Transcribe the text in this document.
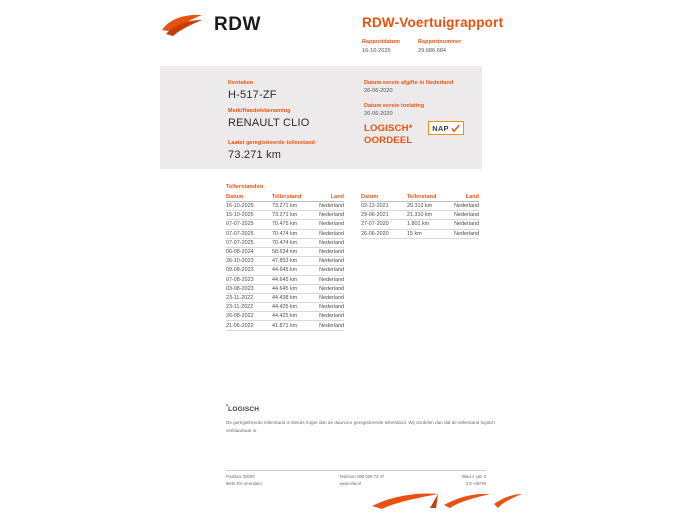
RDW	RDW-Voertuigrapport
Rapportdatum
16-10-2025
Rapportnummer
29.686.684
Kenteken
H-517-ZF
Merk/Handelsbenaming
RENAULT CLIO
Laatst geregistreerde tellerstand
73.271 km
Datum eerste afgifte in Nederland
26-06-2020
Datum eerste toelating
26-06-2020
LOGISCH*
OORDEEL
NAP
Tellerstanden
Datum	Tellerstand	Land
16-10-2025	73.271 km	Nederland
15-10-2025	73.271 km	Nederland
07-07-2025	70.475 km	Nederland
07-07-2025	70.474 km	Nederland
07-07-2025	70.474 km	Nederland
06-08-2024	58.634 km	Nederland
26-10-2023	47.853 km	Nederland
09-08-2023	44.645 km	Nederland
07-08-2023	44.645 km	Nederland
03-08-2023	44.645 km	Nederland
23-11-2022	44.438 km	Nederland
23-11-2022	44.425 km	Nederland
26-08-2022	44.425 km	Nederland
21-06-2022	41.871 km	Nederland
Datum	Tellerstand	Land
02-12-2021	29.312 km	Nederland
29-06-2021	21.310 km	Nederland
27-07-2020	1.801 km	Nederland
26-06-2020	15 km	Nederland
*LOGISCH
De geregistreerde tellerstand is steeds hoger dan de daarvoor geregistreerde tellerstand. Wij oordelen dan dat de tellerstand logisch verklaarbaar is.
Postbus 30000
9640 RA Veendam
Telefoon 088 008 74 47
www.rdw.nl
Blad 1 van 3
3 E-VEFW
